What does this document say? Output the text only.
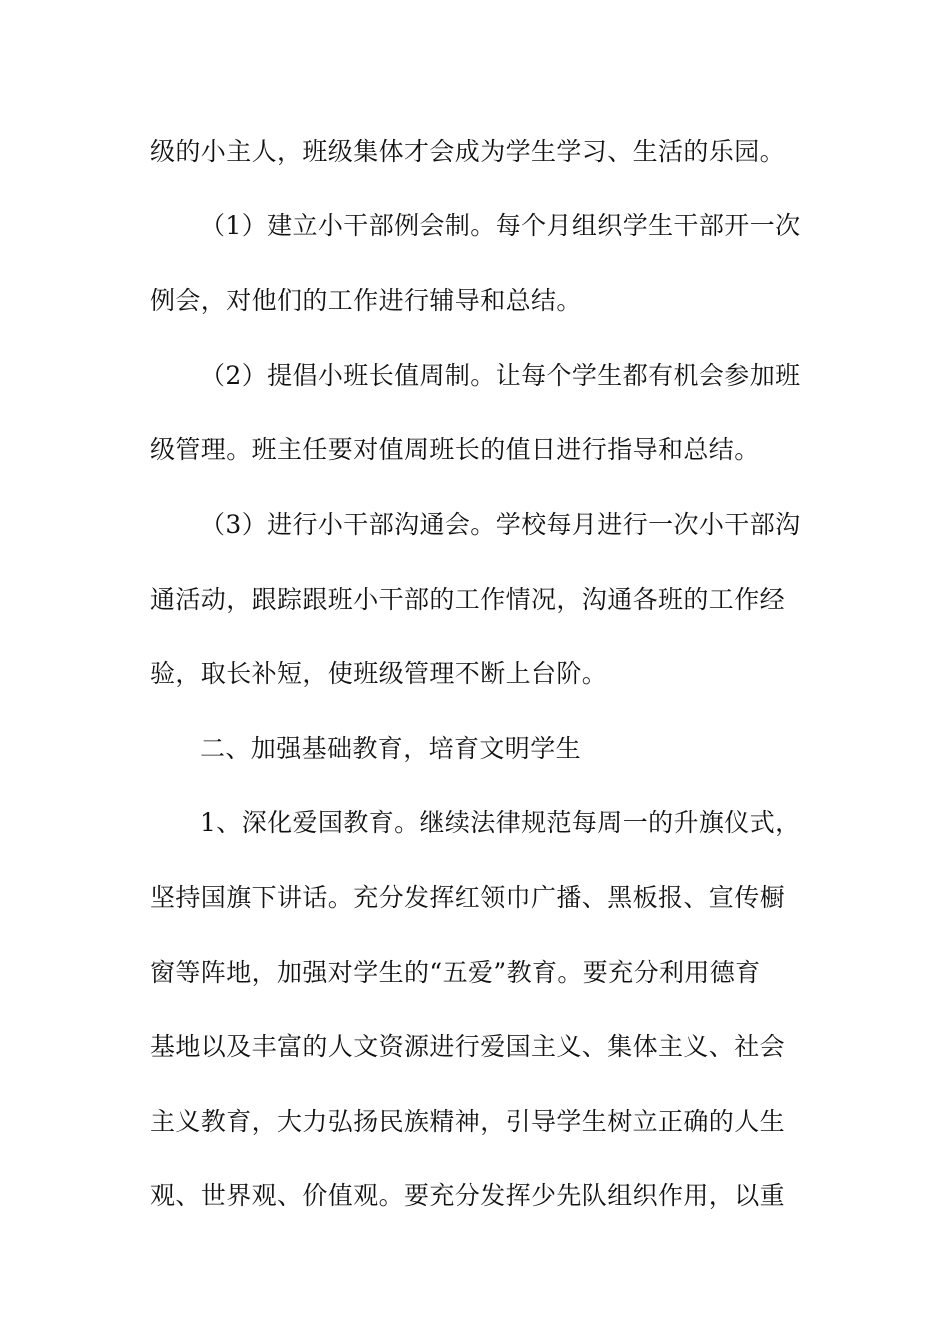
级的小主人，班级集体才会成为学生学习、生活的乐园。
（1）建立小干部例会制。每个月组织学生干部开一次
例会，对他们的工作进行辅导和总结。
（2）提倡小班长值周制。让每个学生都有机会参加班
级管理。班主任要对值周班长的值日进行指导和总结。
（3）进行小干部沟通会。学校每月进行一次小干部沟
通活动，跟踪跟班小干部的工作情况，沟通各班的工作经
验，取长补短，使班级管理不断上台阶。
二、加强基础教育，培育文明学生
1、深化爱国教育。继续法律规范每周一的升旗仪式，
坚持国旗下讲话。充分发挥红领巾广播、黑板报、宣传橱
窗等阵地，加强对学生的“五爱”教育。要充分利用德育
基地以及丰富的人文资源进行爱国主义、集体主义、社会
主义教育，大力弘扬民族精神，引导学生树立正确的人生
观、世界观、价值观。要充分发挥少先队组织作用，以重
